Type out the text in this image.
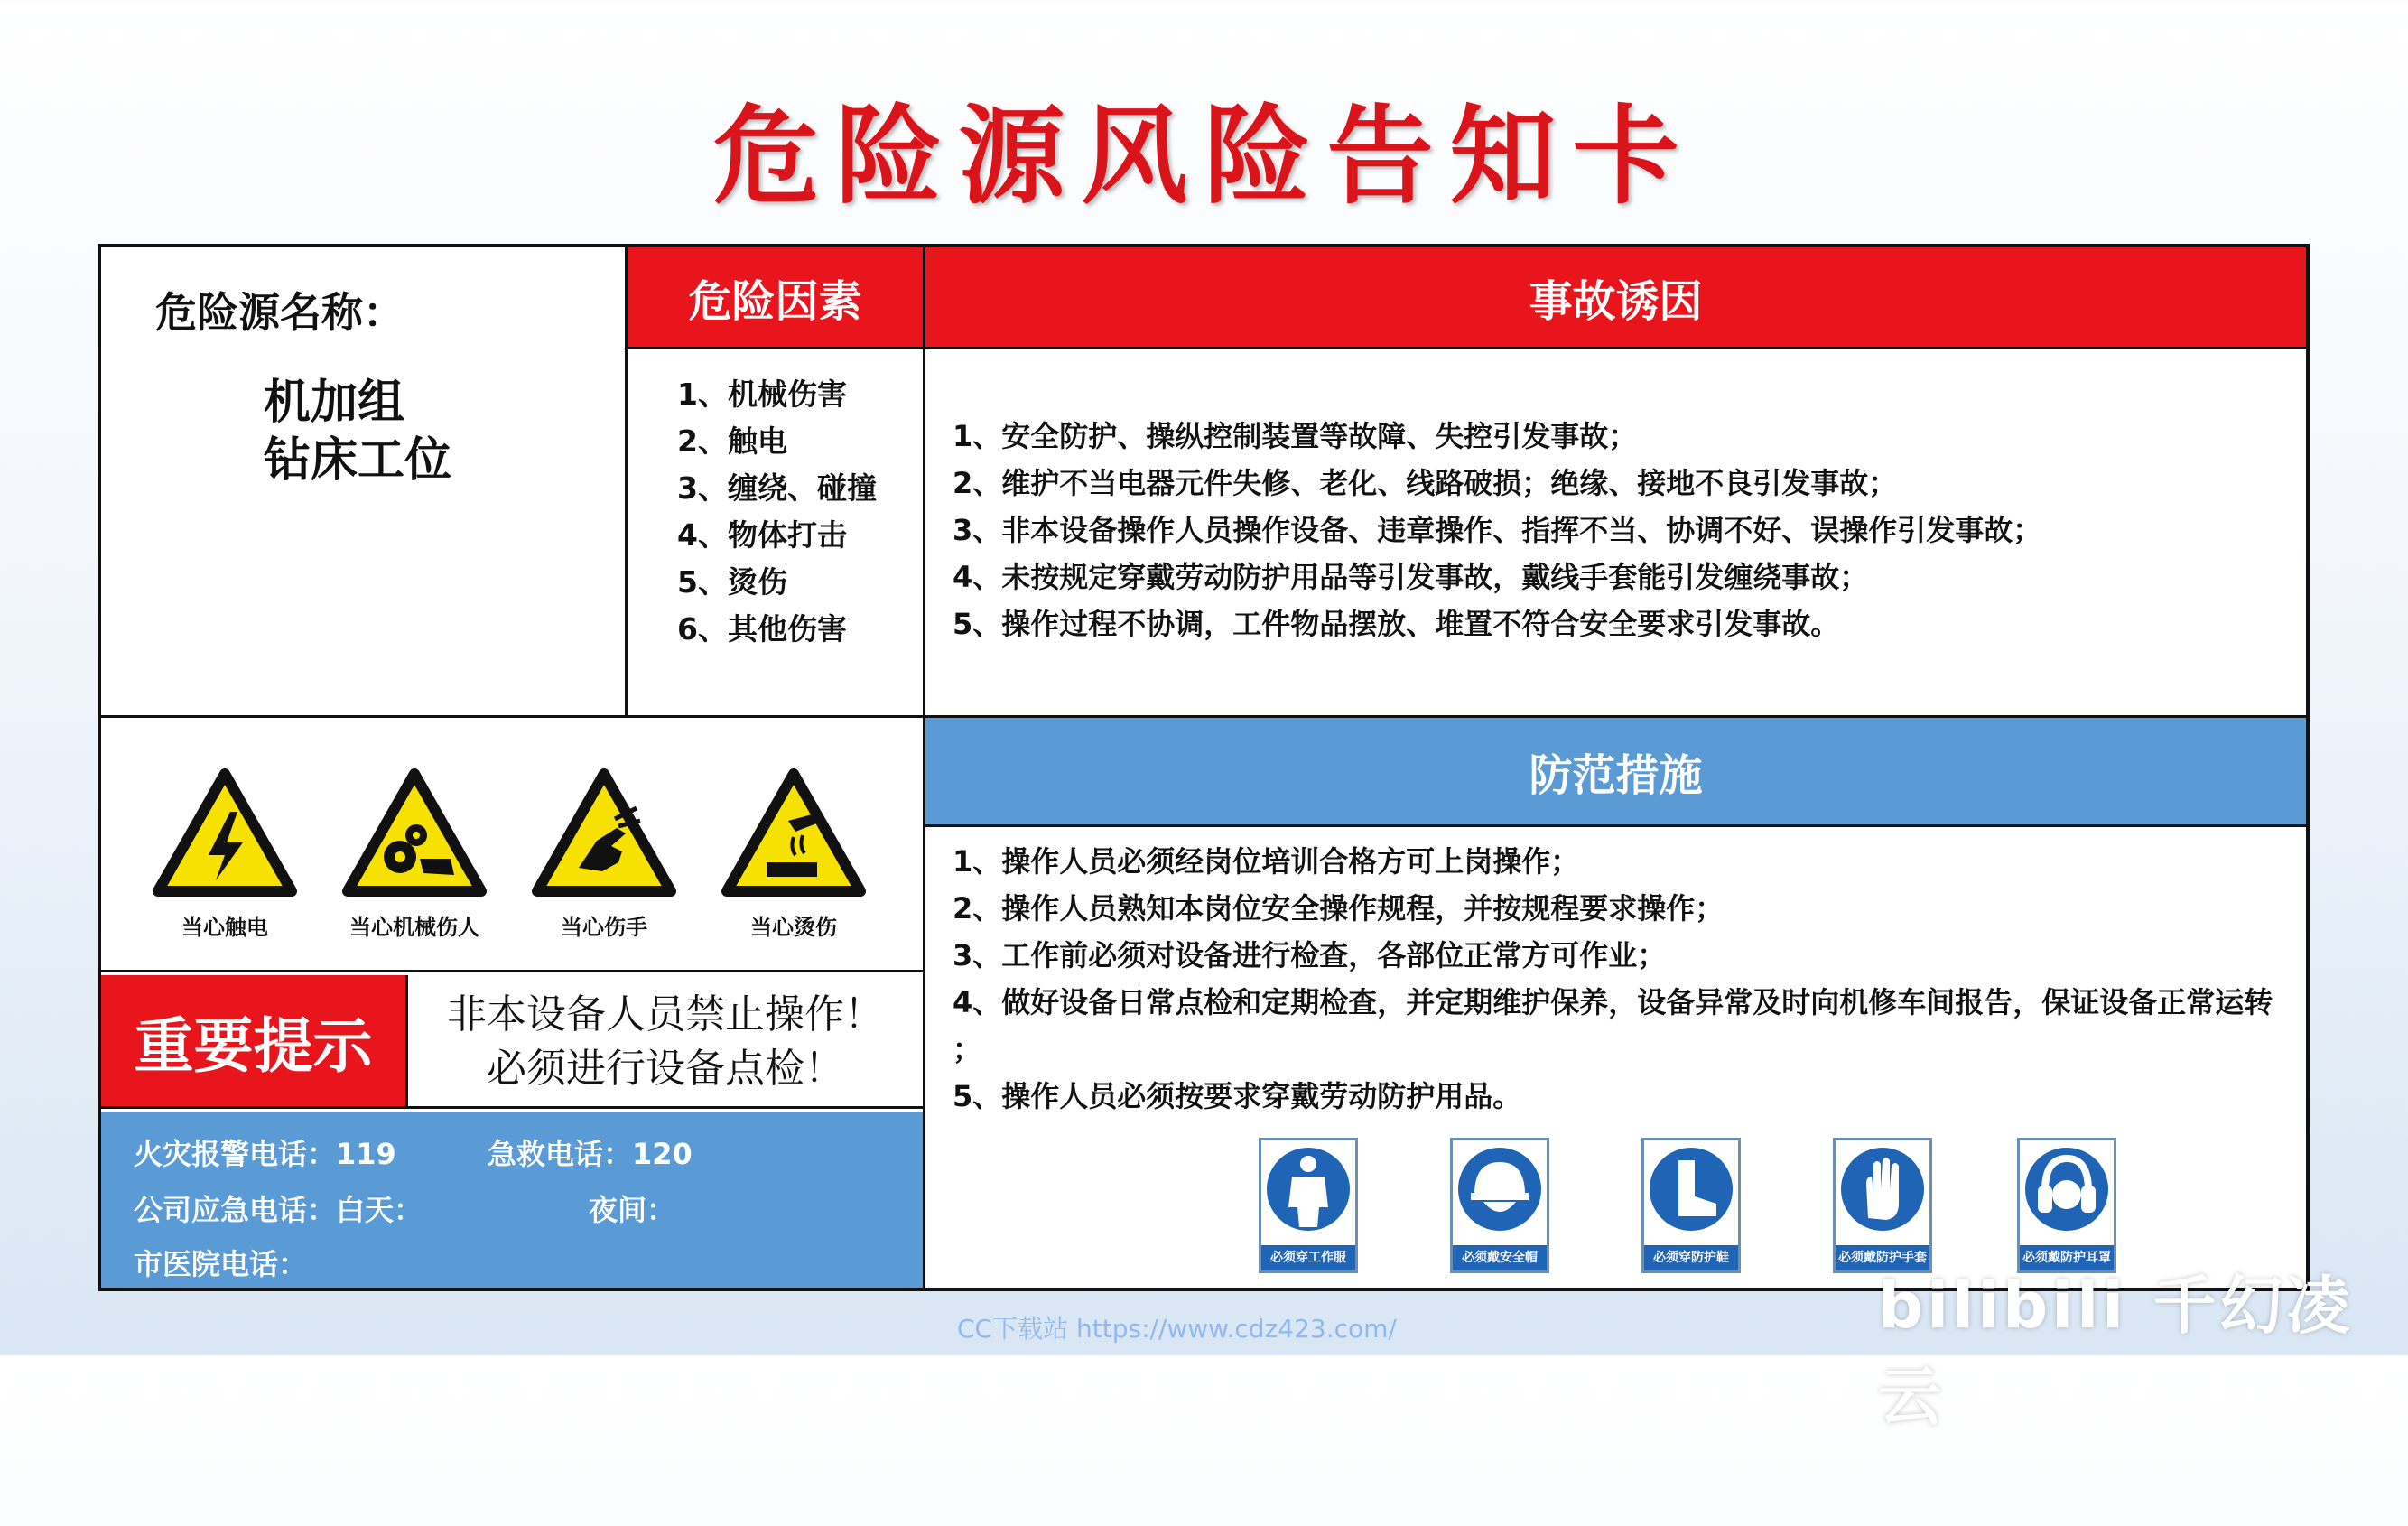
危险源风险告知卡
危险源名称：
机加组
钻床工位
危险因素
1、机械伤害
2、触电
3、缠绕、碰撞
4、物体打击
5、烫伤
6、其他伤害
事故诱因
1、安全防护、操纵控制装置等故障、失控引发事故；
2、维护不当电器元件失修、老化、线路破损；绝缘、接地不良引发事故；
3、非本设备操作人员操作设备、违章操作、指挥不当、协调不好、误操作引发事故；
4、未按规定穿戴劳动防护用品等引发事故，戴线手套能引发缠绕事故；
5、操作过程不协调，工件物品摆放、堆置不符合安全要求引发事故。
当心触电	当心机械伤人	当心伤手	当心烫伤
重要提示	非本设备人员禁止操作！
必须进行设备点检！
火灾报警电话：119	急救电话：120
公司应急电话：白天：	夜间：
市医院电话：
防范措施
1、操作人员必须经岗位培训合格方可上岗操作；
2、操作人员熟知本岗位安全操作规程，并按规程要求操作；
3、工作前必须对设备进行检查，各部位正常方可作业；
4、做好设备日常点检和定期检查，并定期维护保养，设备异常及时向机修车间报告，保证设备正常运转 ；
5、操作人员必须按要求穿戴劳动防护用品。
必须穿工作服	必须戴安全帽	必须穿防护鞋	必须戴防护手套	必须戴防护耳罩
CC下载站 https://www.cdz423.com/	bilibili 千幻凌云
